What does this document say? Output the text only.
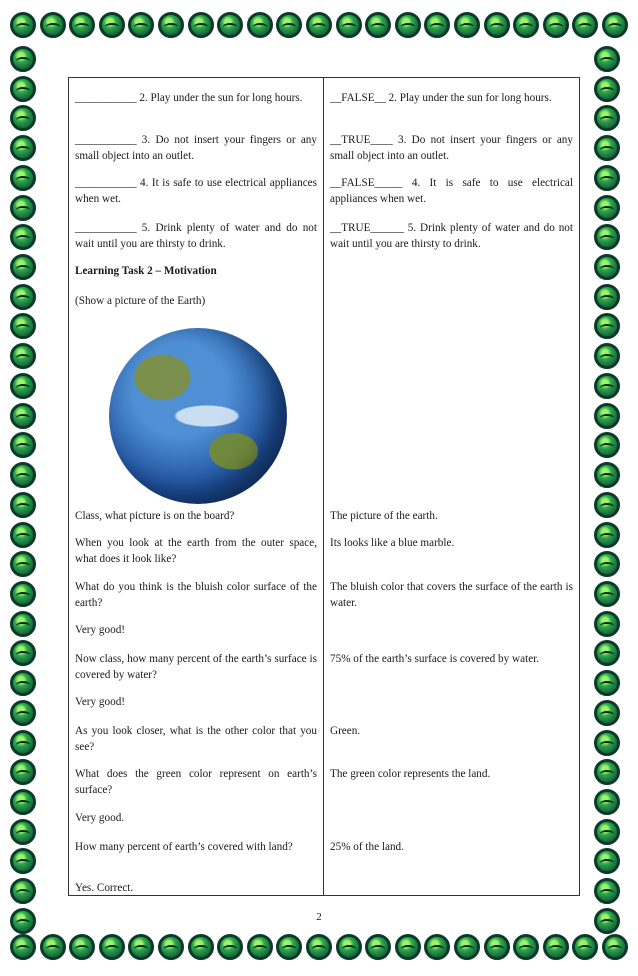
___________ 2. Play under the sun for long hours.

___________ 3. Do not insert your fingers or any small object into an outlet.

___________ 4. It is safe to use electrical appliances when wet.

___________ 5. Drink plenty of water and do not wait until you are thirsty to drink.

Learning Task 2 – Motivation

(Show a picture of the Earth)

Class, what picture is on the board?

When you look at the earth from the outer space, what does it look like?

What do you think is the bluish color surface of the earth?

Very good!

Now class, how many percent of the earth’s surface is covered by water?

Very good!

As you look closer, what is the other color that you see?

What does the green color represent on earth’s surface?

Very good.

How many percent of earth’s covered with land?

Yes. Correct.

__FALSE__ 2. Play under the sun for long hours.

__TRUE____ 3. Do not insert your fingers or any small object into an outlet.

__FALSE_____ 4. It is safe to use electrical appliances when wet.

__TRUE______ 5. Drink plenty of water and do not wait until you are thirsty to drink.

The picture of the earth.

Its looks like a blue marble.

The bluish color that covers the surface of the earth is water.

75% of the earth’s surface is covered by water.

Green.

The green color represents the land.

25% of the land.

2
